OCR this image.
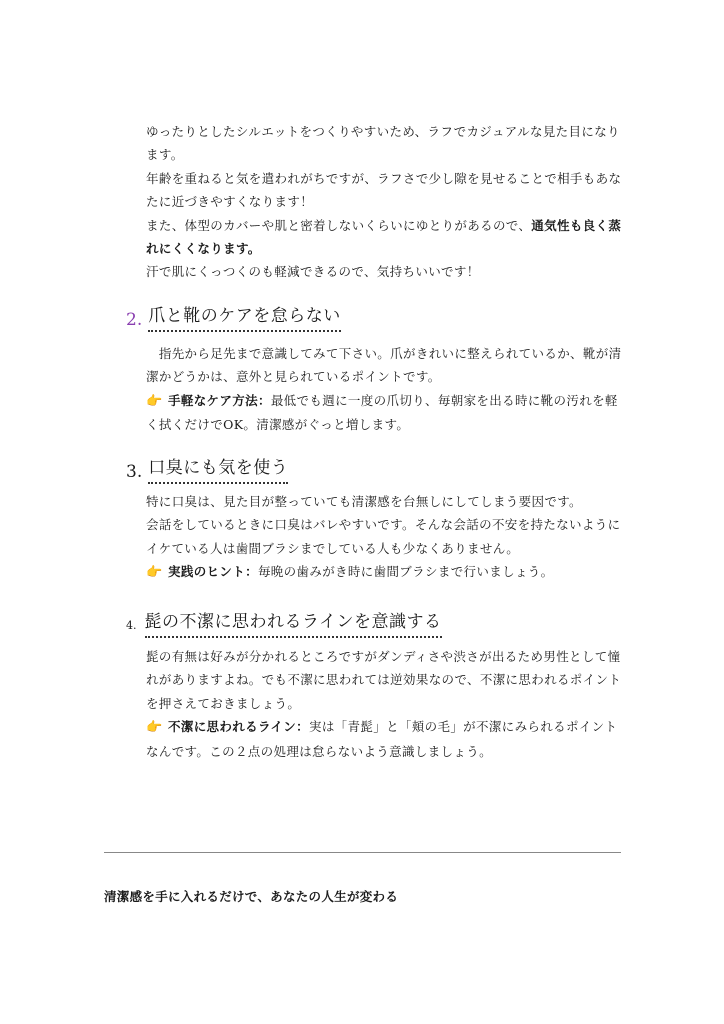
ゆったりとしたシルエットをつくりやすいため、ラフでカジュアルな見た目になります。

年齢を重ねると気を遣われがちですが、ラフさで少し隙を見せることで相手もあなたに近づきやすくなります！

また、体型のカバーや肌と密着しないくらいにゆとりがあるので、通気性も良く蒸れにくくなります。

汗で肌にくっつくのも軽減できるので、気持ちいいです！

2. 爪と靴のケアを怠らない

　指先から足先まで意識してみて下さい。爪がきれいに整えられているか、靴が清潔かどうかは、意外と見られているポイントです。

👉 手軽なケア方法：最低でも週に一度の爪切り、毎朝家を出る時に靴の汚れを軽く拭くだけでOK。清潔感がぐっと増します。

3. 口臭にも気を使う

特に口臭は、見た目が整っていても清潔感を台無しにしてしまう要因です。

会話をしているときに口臭はバレやすいです。そんな会話の不安を持たないようにイケている人は歯間ブラシまでしている人も少なくありません。

👉 実践のヒント：毎晩の歯みがき時に歯間ブラシまで行いましょう。

4. 髭の不潔に思われるラインを意識する

髭の有無は好みが分かれるところですがダンディさや渋さが出るため男性として憧れがありますよね。でも不潔に思われては逆効果なので、不潔に思われるポイントを押さえておきましょう。

👉 不潔に思われるライン：実は「青髭」と「頬の毛」が不潔にみられるポイントなんです。この２点の処理は怠らないよう意識しましょう。

清潔感を手に入れるだけで、あなたの人生が変わる
